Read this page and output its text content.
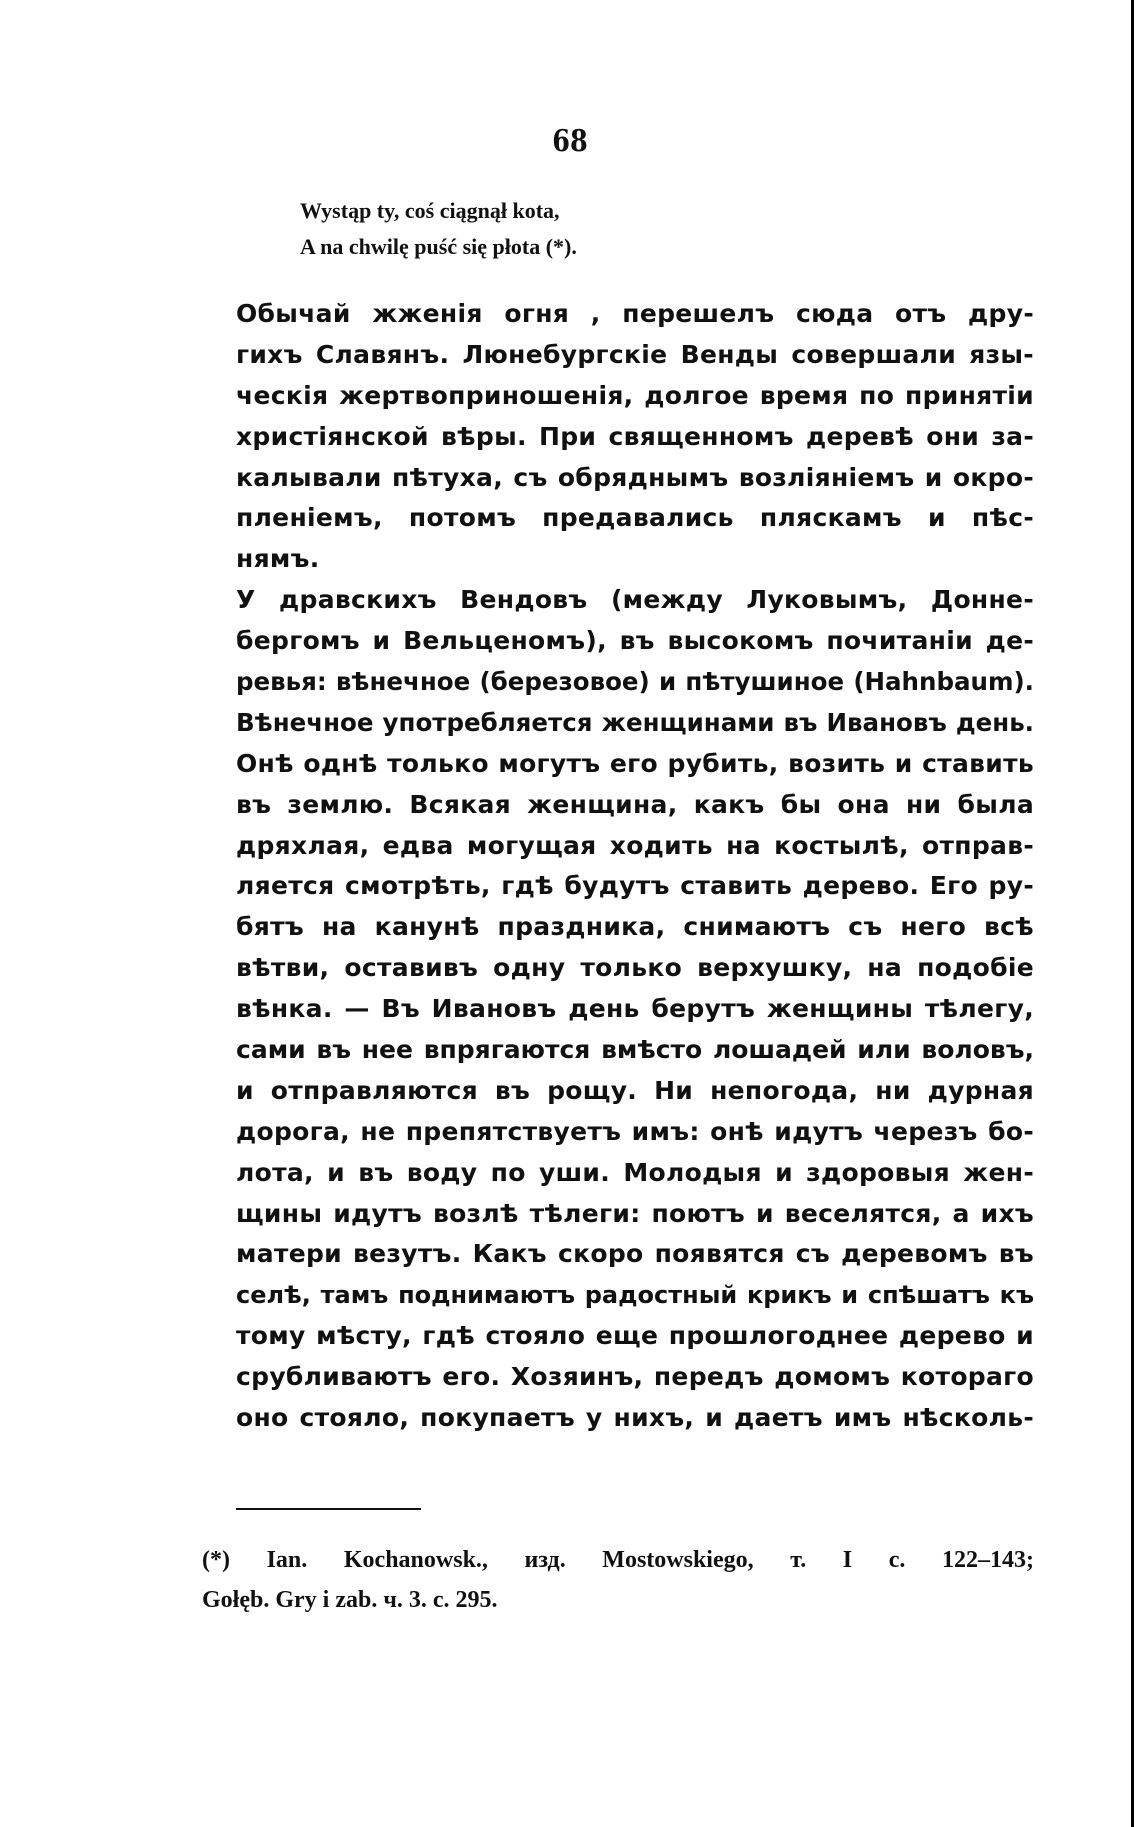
68
Wystąp ty, coś ciągnął kota,
A na chwilę puść się płota (*).
Обычай жженія огня , перешелъ сюда отъ дру-
гихъ Славянъ. Люнебургскіе Венды совершали язы-
ческія жертвоприношенія, долгое время по принятіи
христіянской вѣры. При священномъ деревѣ они за-
калывали пѣтуха, съ обряднымъ возліяніемъ и окро-
пленіемъ, потомъ предавались пляскамъ и пѣс-
нямъ.
У дравскихъ Вендовъ (между Луковымъ, Донне-
бергомъ и Вельценомъ), въ высокомъ почитаніи де-
ревья: вѣнечное (березовое) и пѣтушиное (Hahnbaum).
Вѣнечное употребляется женщинами въ Ивановъ день.
Онѣ однѣ только могутъ его рубить, возить и ставить
въ землю. Всякая женщина, какъ бы она ни была
дряхлая, едва могущая ходить на костылѣ, отправ-
ляется смотрѣть, гдѣ будутъ ставить дерево. Его ру-
бятъ на канунѣ праздника, снимаютъ съ него всѣ
вѣтви, оставивъ одну только верхушку, на подобіе
вѣнка. — Въ Ивановъ день берутъ женщины тѣлегу,
сами въ нее впрягаются вмѣсто лошадей или воловъ,
и отправляются въ рощу. Ни непогода, ни дурная
дорога, не препятствуетъ имъ: онѣ идутъ черезъ бо-
лота, и въ воду по уши. Молодыя и здоровыя жен-
щины идутъ возлѣ тѣлеги: поютъ и веселятся, а ихъ
матери везутъ. Какъ скоро появятся съ деревомъ въ
селѣ, тамъ поднимаютъ радостный крикъ и спѣшатъ къ
тому мѣсту, гдѣ стояло еще прошлогоднее дерево и
срубливаютъ его. Хозяинъ, передъ домомъ котораго
оно стояло, покупаетъ у нихъ, и даетъ имъ нѣсколь-
(*) Ian. Kochanowsk., изд. Mostowskiego, т. I с. 122–143;
Gołęb. Gry i zab. ч. 3. с. 295.
